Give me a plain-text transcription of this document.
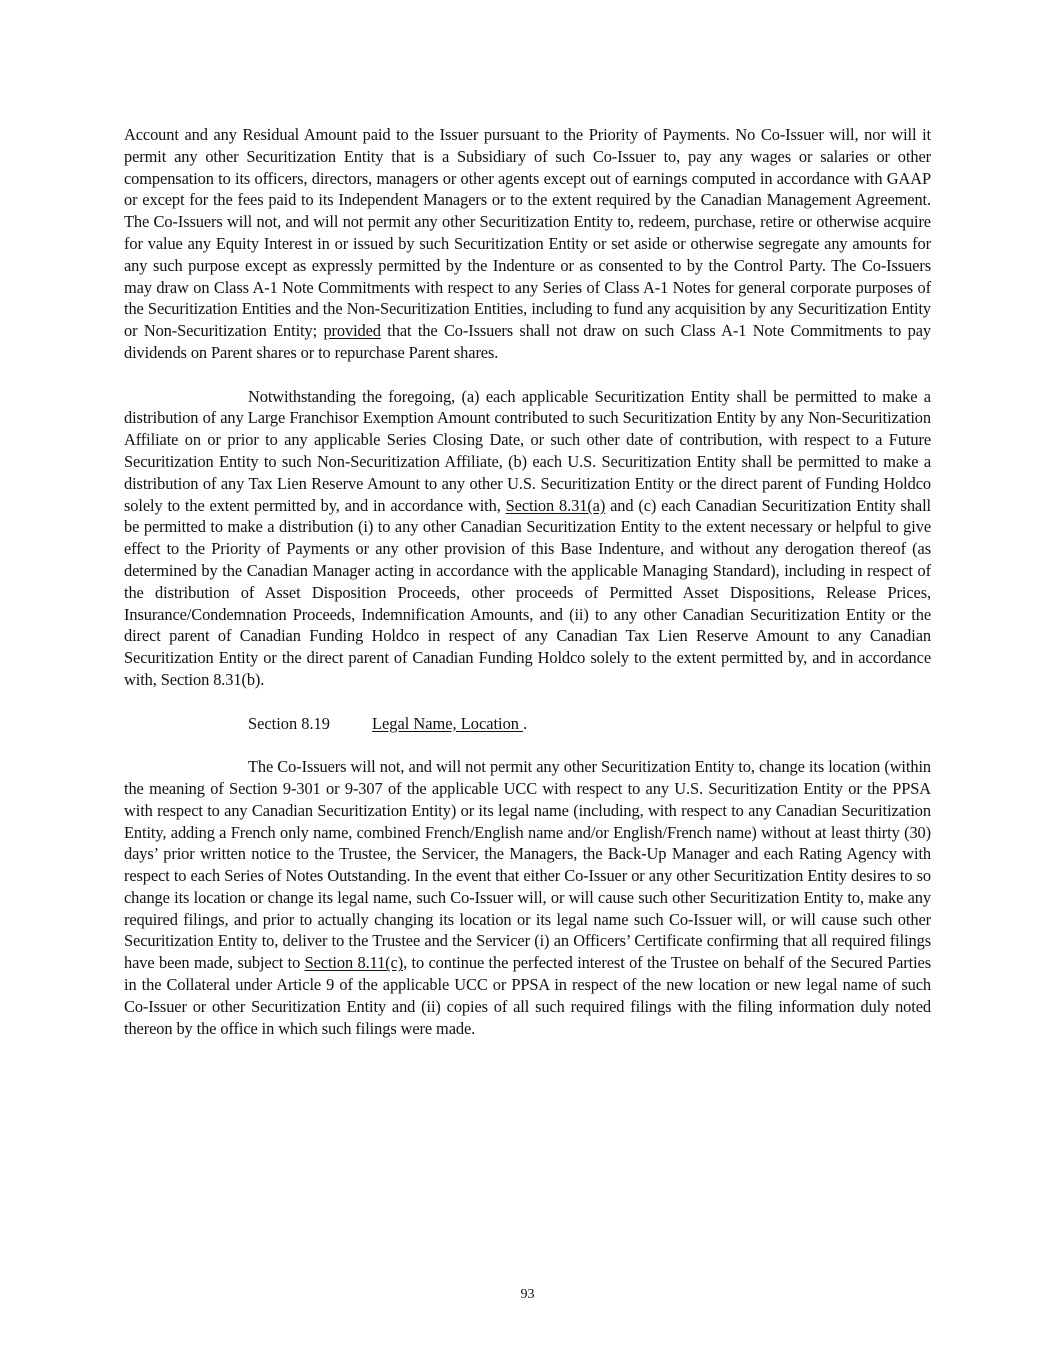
Account and any Residual Amount paid to the Issuer pursuant to the Priority of Payments. No Co-Issuer will, nor will it permit any other Securitization Entity that is a Subsidiary of such Co-Issuer to, pay any wages or salaries or other compensation to its officers, directors, managers or other agents except out of earnings computed in accordance with GAAP or except for the fees paid to its Independent Managers or to the extent required by the Canadian Management Agreement. The Co-Issuers will not, and will not permit any other Securitization Entity to, redeem, purchase, retire or otherwise acquire for value any Equity Interest in or issued by such Securitization Entity or set aside or otherwise segregate any amounts for any such purpose except as expressly permitted by the Indenture or as consented to by the Control Party. The Co-Issuers may draw on Class A-1 Note Commitments with respect to any Series of Class A-1 Notes for general corporate purposes of the Securitization Entities and the Non-Securitization Entities, including to fund any acquisition by any Securitization Entity or Non-Securitization Entity; provided that the Co-Issuers shall not draw on such Class A-1 Note Commitments to pay dividends on Parent shares or to repurchase Parent shares.

Notwithstanding the foregoing, (a) each applicable Securitization Entity shall be permitted to make a distribution of any Large Franchisor Exemption Amount contributed to such Securitization Entity by any Non-Securitization Affiliate on or prior to any applicable Series Closing Date, or such other date of contribution, with respect to a Future Securitization Entity to such Non-Securitization Affiliate, (b) each U.S. Securitization Entity shall be permitted to make a distribution of any Tax Lien Reserve Amount to any other U.S. Securitization Entity or the direct parent of Funding Holdco solely to the extent permitted by, and in accordance with, Section 8.31(a) and (c) each Canadian Securitization Entity shall be permitted to make a distribution (i) to any other Canadian Securitization Entity to the extent necessary or helpful to give effect to the Priority of Payments or any other provision of this Base Indenture, and without any derogation thereof (as determined by the Canadian Manager acting in accordance with the applicable Managing Standard), including in respect of the distribution of Asset Disposition Proceeds, other proceeds of Permitted Asset Dispositions, Release Prices, Insurance/Condemnation Proceeds, Indemnification Amounts, and (ii) to any other Canadian Securitization Entity or the direct parent of Canadian Funding Holdco in respect of any Canadian Tax Lien Reserve Amount to any Canadian Securitization Entity or the direct parent of Canadian Funding Holdco solely to the extent permitted by, and in accordance with, Section 8.31(b).

Section 8.19	Legal Name, Location .

The Co-Issuers will not, and will not permit any other Securitization Entity to, change its location (within the meaning of Section 9-301 or 9-307 of the applicable UCC with respect to any U.S. Securitization Entity or the PPSA with respect to any Canadian Securitization Entity) or its legal name (including, with respect to any Canadian Securitization Entity, adding a French only name, combined French/English name and/or English/French name) without at least thirty (30) days’ prior written notice to the Trustee, the Servicer, the Managers, the Back-Up Manager and each Rating Agency with respect to each Series of Notes Outstanding. In the event that either Co-Issuer or any other Securitization Entity desires to so change its location or change its legal name, such Co-Issuer will, or will cause such other Securitization Entity to, make any required filings, and prior to actually changing its location or its legal name such Co-Issuer will, or will cause such other Securitization Entity to, deliver to the Trustee and the Servicer (i) an Officers’ Certificate confirming that all required filings have been made, subject to Section 8.11(c), to continue the perfected interest of the Trustee on behalf of the Secured Parties in the Collateral under Article 9 of the applicable UCC or PPSA in respect of the new location or new legal name of such Co-Issuer or other Securitization Entity and (ii) copies of all such required filings with the filing information duly noted thereon by the office in which such filings were made.

93
